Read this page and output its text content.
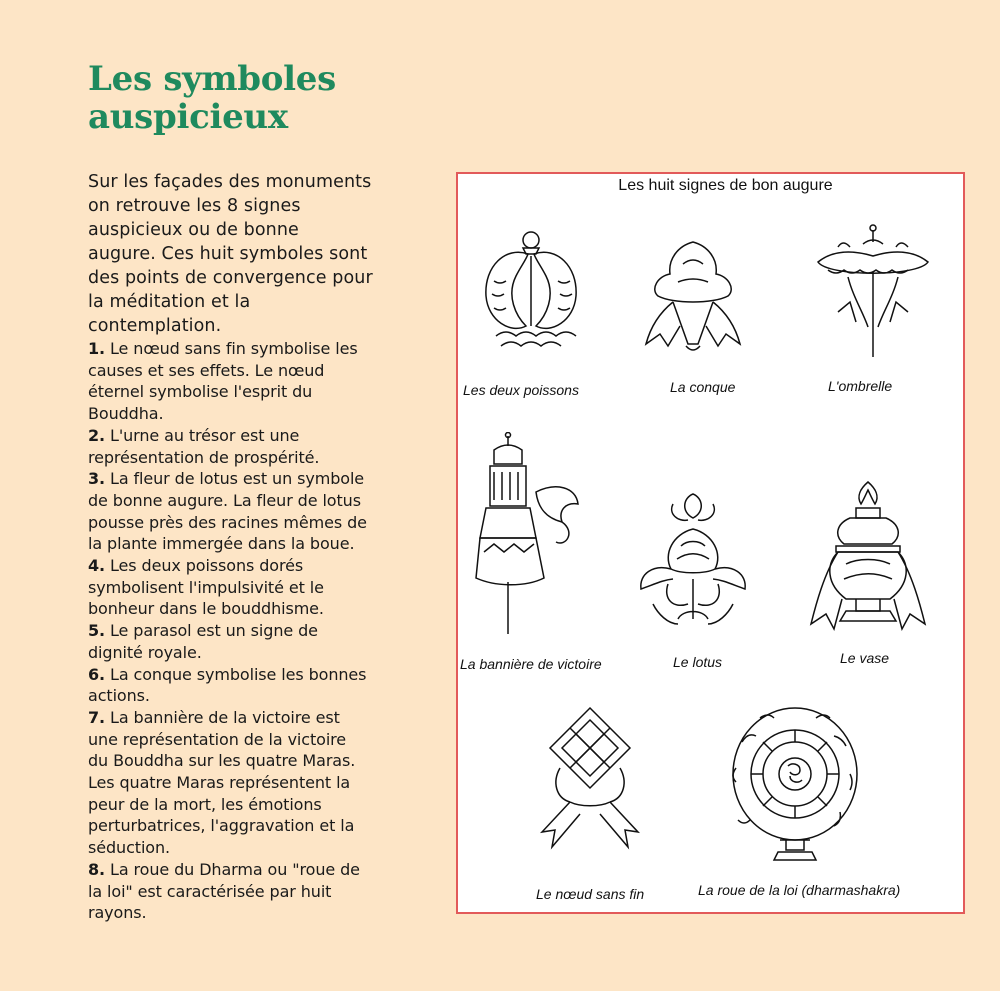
Les symboles
auspicieux

Sur les façades des monuments
on retrouve les 8 signes
auspicieux ou de bonne
augure. Ces huit symboles sont
des points de convergence pour
la méditation et la
contemplation.

1. Le nœud sans fin symbolise les
causes et ses effets. Le nœud
éternel symbolise l'esprit du
Bouddha.
2. L'urne au trésor est une
représentation de prospérité.
3. La fleur de lotus est un symbole
de bonne augure. La fleur de lotus
pousse près des racines mêmes de
la plante immergée dans la boue.
4. Les deux poissons dorés
symbolisent l'impulsivité et le
bonheur dans le bouddhisme.
5. Le parasol est un signe de
dignité royale.
6. La conque symbolise les bonnes
actions.
7. La bannière de la victoire est
une représentation de la victoire
du Bouddha sur les quatre Maras.
Les quatre Maras représentent la
peur de la mort, les émotions
perturbatrices, l'aggravation et la
séduction.
8. La roue du Dharma ou "roue de
la loi" est caractérisée par huit
rayons.
Les huit signes de bon augure
Les deux poissons	La conque	L'ombrelle
La bannière de victoire	Le lotus	Le vase
Le nœud sans fin	La roue de la loi (dharmashakra)
